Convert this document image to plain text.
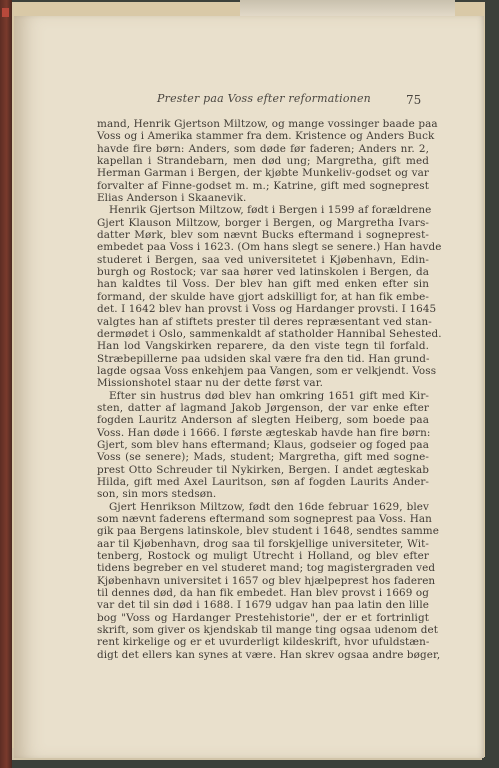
Prester paa Voss efter reformationen	75
mand, Henrik Gjertson Miltzow, og mange vossinger baade paa
Voss og i Amerika stammer fra dem. Kristence og Anders Buck
havde fire børn: Anders, som døde før faderen; Anders nr. 2,
kapellan i Strandebarn, men død ung; Margretha, gift med
Herman Garman i Bergen, der kjøbte Munkeliv-godset og var
forvalter af Finne-godset m. m.; Katrine, gift med sogneprest
Elias Anderson i Skaanevik.
Henrik Gjertson Miltzow, født i Bergen i 1599 af forældrene
Gjert Klauson Miltzow, borger i Bergen, og Margretha Ivars-
datter Mørk, blev som nævnt Bucks eftermand i sogneprest-
embedet paa Voss i 1623. (Om hans slegt se senere.) Han havde
studeret i Bergen, saa ved universitetet i Kjøbenhavn, Edin-
burgh og Rostock; var saa hører ved latinskolen i Bergen, da
han kaldtes til Voss. Der blev han gift med enken efter sin
formand, der skulde have gjort adskilligt for, at han fik embe-
det. I 1642 blev han provst i Voss og Hardanger provsti. I 1645
valgtes han af stiftets prester til deres repræsentant ved stan-
dermødet i Oslo, sammenkaldt af statholder Hannibal Sehested.
Han lod Vangskirken reparere, da den viste tegn til forfald.
Stræbepillerne paa udsiden skal være fra den tid. Han grund-
lagde ogsaa Voss enkehjem paa Vangen, som er velkjendt. Voss
Missionshotel staar nu der dette først var.
Efter sin hustrus død blev han omkring 1651 gift med Kir-
sten, datter af lagmand Jakob Jørgenson, der var enke efter
fogden Lauritz Anderson af slegten Heiberg, som boede paa
Voss. Han døde i 1666. I første ægteskab havde han fire børn:
Gjert, som blev hans eftermand; Klaus, godseier og foged paa
Voss (se senere); Mads, student; Margretha, gift med sogne-
prest Otto Schreuder til Nykirken, Bergen. I andet ægteskab
Hilda, gift med Axel Lauritson, søn af fogden Laurits Ander-
son, sin mors stedsøn.
Gjert Henrikson Miltzow, født den 16de februar 1629, blev
som nævnt faderens eftermand som sogneprest paa Voss. Han
gik paa Bergens latinskole, blev student i 1648, sendtes samme
aar til Kjøbenhavn, drog saa til forskjellige universiteter, Wit-
tenberg, Rostock og muligt Utrecht i Holland, og blev efter
tidens begreber en vel studeret mand; tog magistergraden ved
Kjøbenhavn universitet i 1657 og blev hjælpeprest hos faderen
til dennes død, da han fik embedet. Han blev provst i 1669 og
var det til sin død i 1688. I 1679 udgav han paa latin den lille
bog "Voss og Hardanger Prestehistorie", der er et fortrinligt
skrift, som giver os kjendskab til mange ting ogsaa udenom det
rent kirkelige og er et uvurderligt kildeskrift, hvor ufuldstæn-
digt det ellers kan synes at være. Han skrev ogsaa andre bøger,
